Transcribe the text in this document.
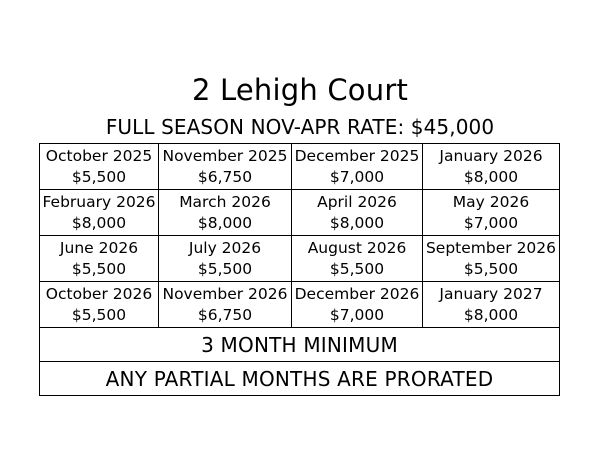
2 Lehigh Court
FULL SEASON NOV-APR RATE: $45,000
October 2025
$5,500	November 2025
$6,750	December 2025
$7,000	January 2026
$8,000

February 2026
$8,000	March 2026
$8,000	April 2026
$8,000	May 2026
$7,000

June 2026
$5,500	July 2026
$5,500	August 2026
$5,500	September 2026
$5,500

October 2026
$5,500	November 2026
$6,750	December 2026
$7,000	January 2027
$8,000

3 MONTH MINIMUM			
ANY PARTIAL MONTHS ARE PRORATED			
